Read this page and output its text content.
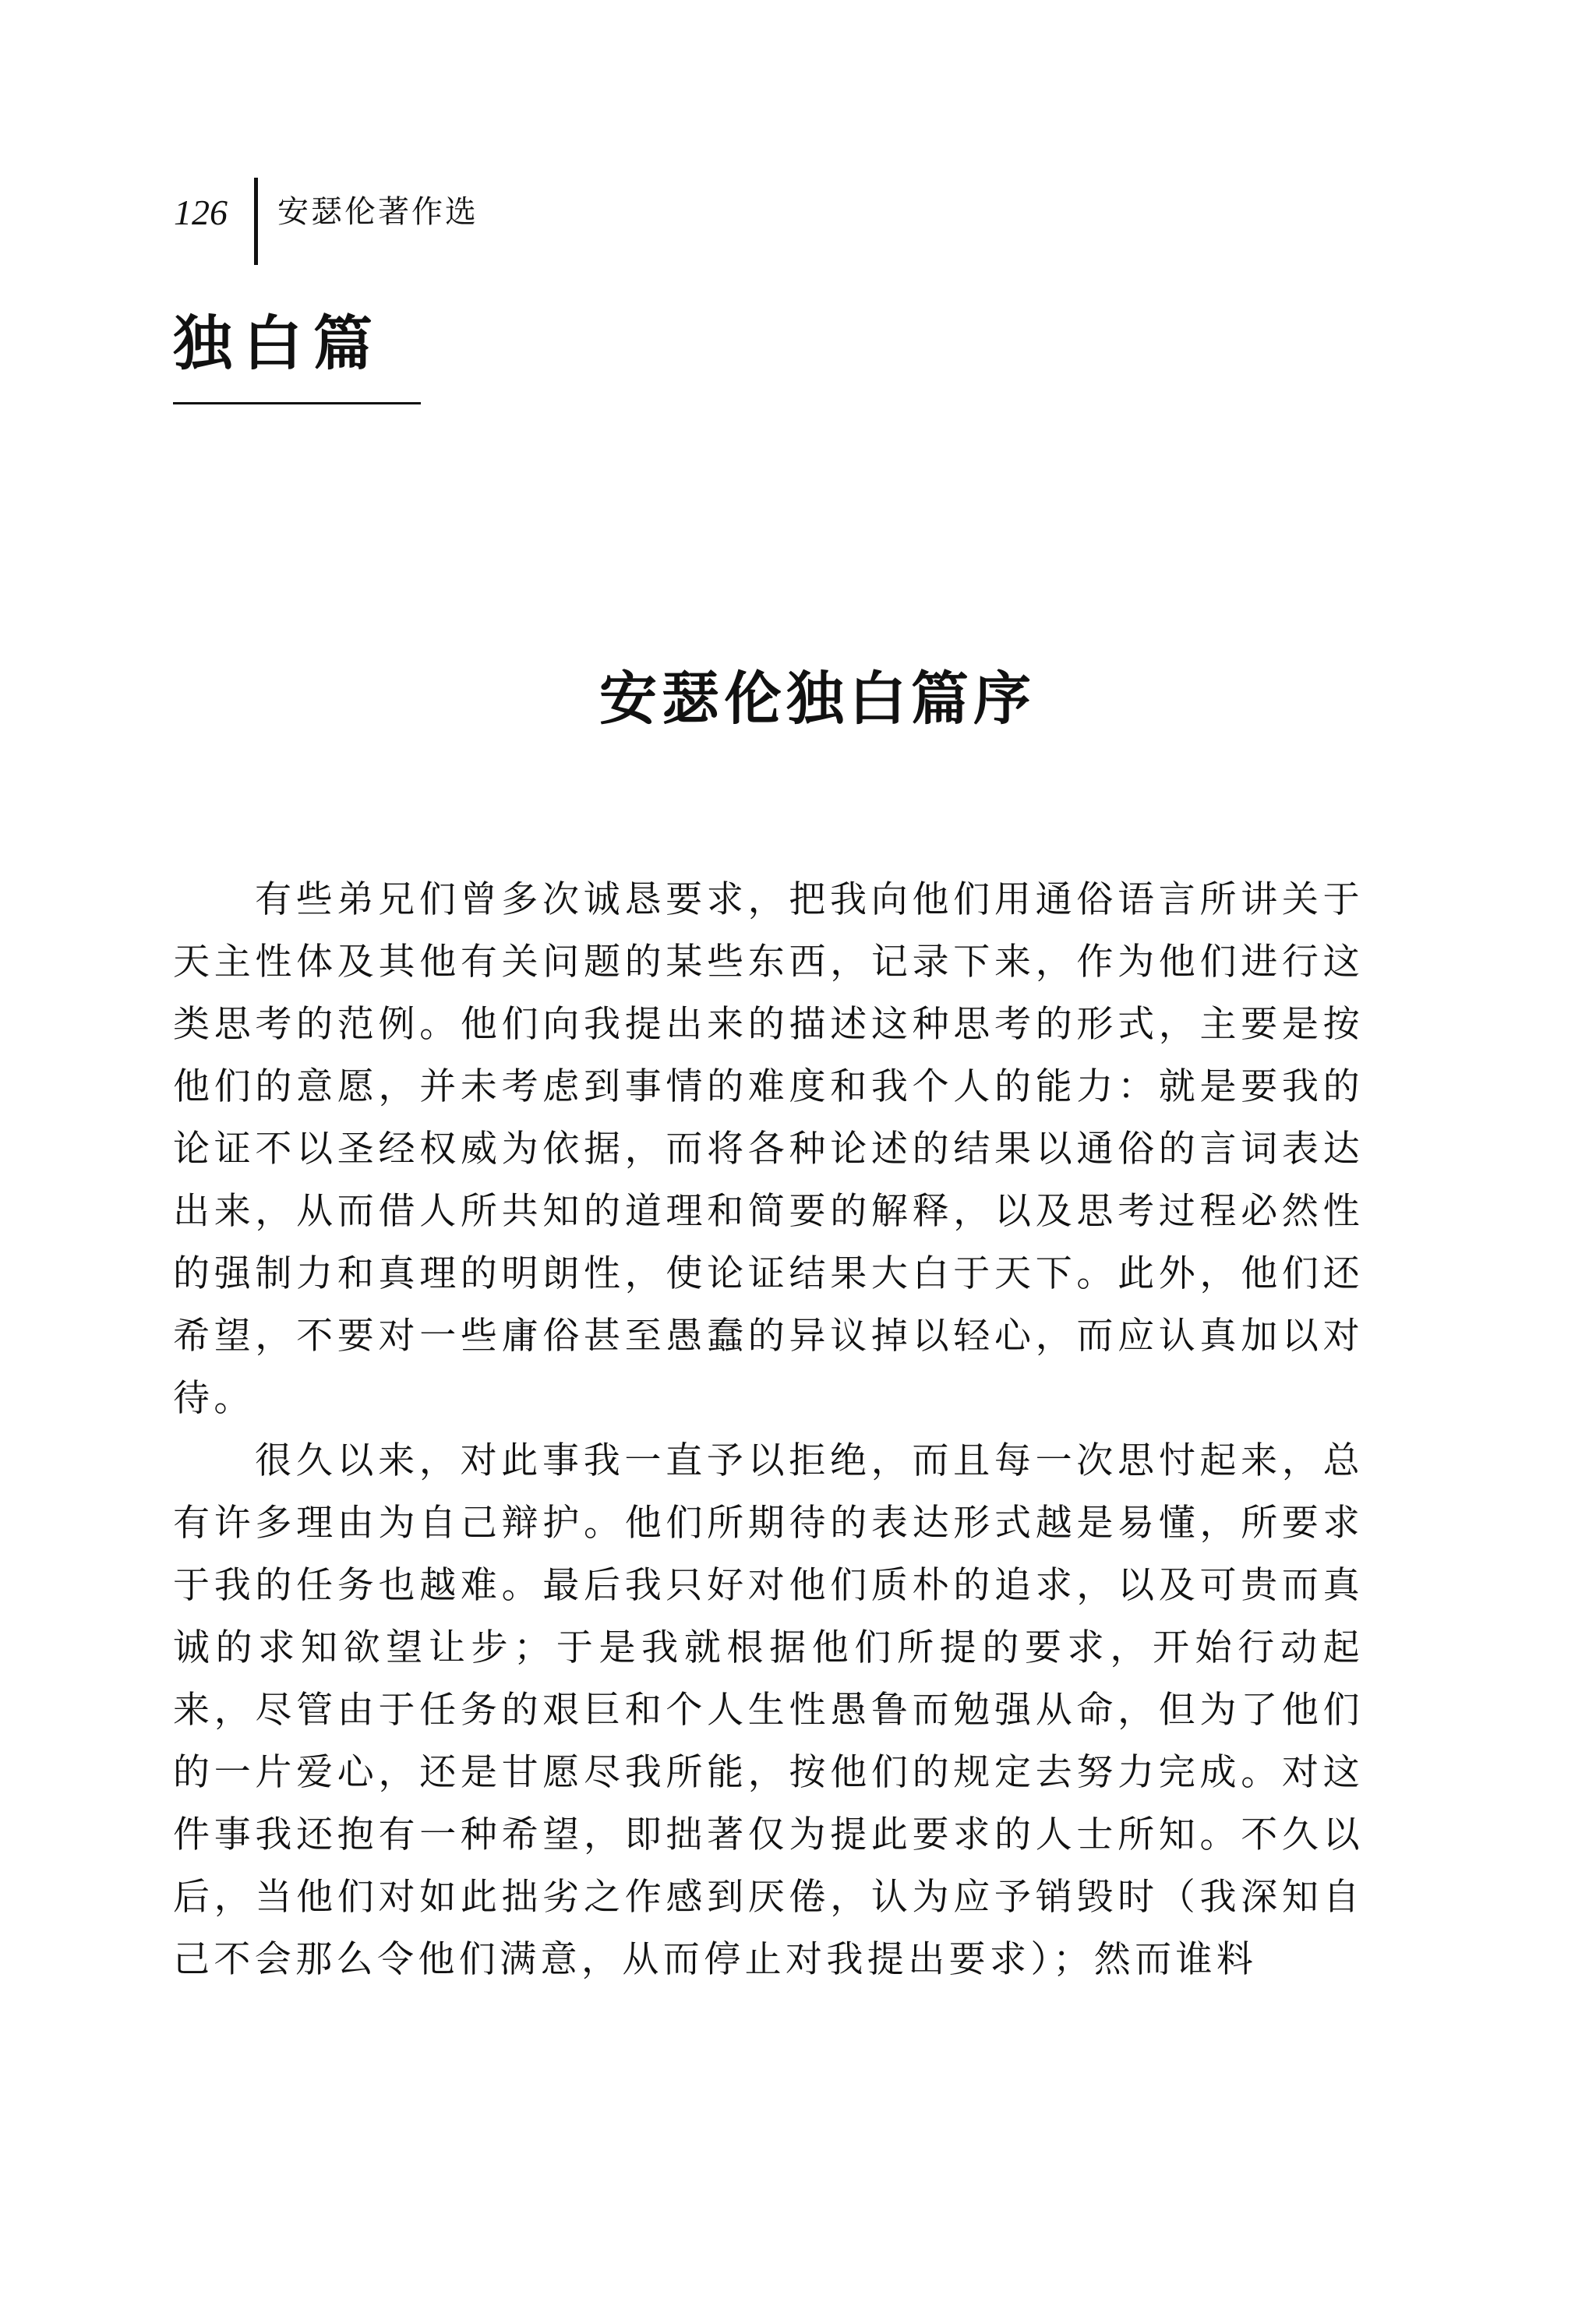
126 安瑟伦著作选
独白篇
安瑟伦独白篇序

有些弟兄们曾多次诚恳要求，把我向他们用通俗语言所讲关于天主性体及其他有关问题的某些东西，记录下来，作为他们进行这类思考的范例。他们向我提出来的描述这种思考的形式，主要是按他们的意愿，并未考虑到事情的难度和我个人的能力：就是要我的论证不以圣经权威为依据，而将各种论述的结果以通俗的言词表达出来，从而借人所共知的道理和简要的解释，以及思考过程必然性的强制力和真理的明朗性，使论证结果大白于天下。此外，他们还希望，不要对一些庸俗甚至愚蠢的异议掉以轻心，而应认真加以对待。

很久以来，对此事我一直予以拒绝，而且每一次思忖起来，总有许多理由为自己辩护。他们所期待的表达形式越是易懂，所要求于我的任务也越难。最后我只好对他们质朴的追求，以及可贵而真诚的求知欲望让步；于是我就根据他们所提的要求，开始行动起来，尽管由于任务的艰巨和个人生性愚鲁而勉强从命，但为了他们的一片爱心，还是甘愿尽我所能，按他们的规定去努力完成。对这件事我还抱有一种希望，即拙著仅为提此要求的人士所知。不久以后，当他们对如此拙劣之作感到厌倦，认为应予销毁时（我深知自己不会那么令他们满意，从而停止对我提出要求）；然而谁料
